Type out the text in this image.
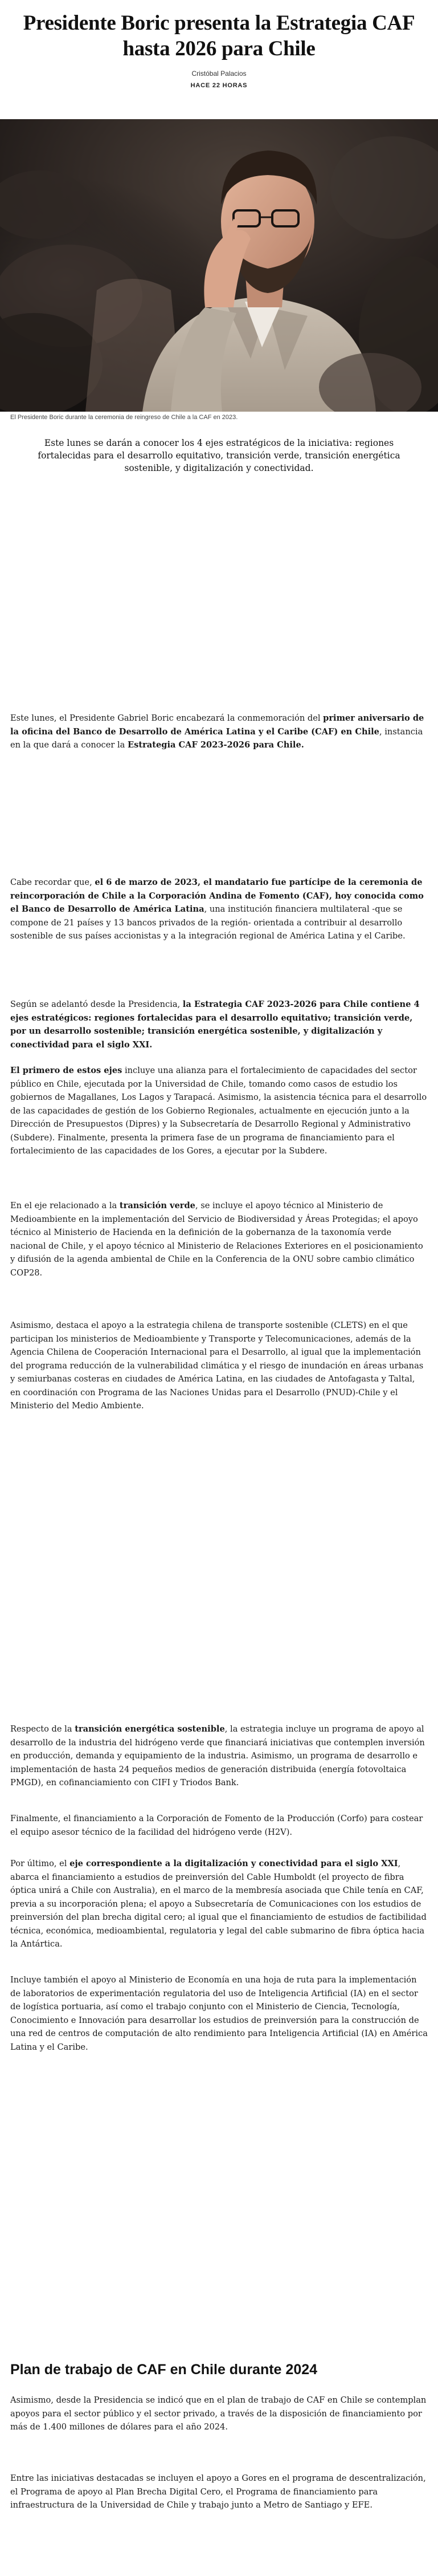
Presidente Boric presenta la Estrategia CAF hasta 2026 para Chile
Cristóbal Palacios
HACE 22 HORAS
El Presidente Boric durante la ceremonia de reingreso de Chile a la CAF en 2023.

Este lunes se darán a conocer los 4 ejes estratégicos de la iniciativa: regiones fortalecidas para el desarrollo equitativo, transición verde, transición energética sostenible, y digitalización y conectividad.

Este lunes, el Presidente Gabriel Boric encabezará la conmemoración del primer aniversario de la oficina del Banco de Desarrollo de América Latina y el Caribe (CAF) en Chile, instancia en la que dará a conocer la Estrategia CAF 2023-2026 para Chile.

Cabe recordar que, el 6 de marzo de 2023, el mandatario fue partícipe de la ceremonia de reincorporación de Chile a la Corporación Andina de Fomento (CAF), hoy conocida como el Banco de Desarrollo de América Latina, una institución financiera multilateral -que se compone de 21 países y 13 bancos privados de la región- orientada a contribuir al desarrollo sostenible de sus países accionistas y a la integración regional de América Latina y el Caribe.

Según se adelantó desde la Presidencia, la Estrategia CAF 2023-2026 para Chile contiene 4 ejes estratégicos: regiones fortalecidas para el desarrollo equitativo; transición verde, por un desarrollo sostenible; transición energética sostenible, y digitalización y conectividad para el siglo XXI.

El primero de estos ejes incluye una alianza para el fortalecimiento de capacidades del sector público en Chile, ejecutada por la Universidad de Chile, tomando como casos de estudio los gobiernos de Magallanes, Los Lagos y Tarapacá. Asimismo, la asistencia técnica para el desarrollo de las capacidades de gestión de los Gobierno Regionales, actualmente en ejecución junto a la Dirección de Presupuestos (Dipres) y la Subsecretaría de Desarrollo Regional y Administrativo (Subdere). Finalmente, presenta la primera fase de un programa de financiamiento para el fortalecimiento de las capacidades de los Gores, a ejecutar por la Subdere.

En el eje relacionado a la transición verde, se incluye el apoyo técnico al Ministerio de Medioambiente en la implementación del Servicio de Biodiversidad y Áreas Protegidas; el apoyo técnico al Ministerio de Hacienda en la definición de la gobernanza de la taxonomía verde nacional de Chile, y el apoyo técnico al Ministerio de Relaciones Exteriores en el posicionamiento y difusión de la agenda ambiental de Chile en la Conferencia de la ONU sobre cambio climático COP28.

Asimismo, destaca el apoyo a la estrategia chilena de transporte sostenible (CLETS) en el que participan los ministerios de Medioambiente y Transporte y Telecomunicaciones, además de la Agencia Chilena de Cooperación Internacional para el Desarrollo, al igual que la implementación del programa reducción de la vulnerabilidad climática y el riesgo de inundación en áreas urbanas y semiurbanas costeras en ciudades de América Latina, en las ciudades de Antofagasta y Taltal, en coordinación con Programa de las Naciones Unidas para el Desarrollo (PNUD)-Chile y el Ministerio del Medio Ambiente.

Respecto de la transición energética sostenible, la estrategia incluye un programa de apoyo al desarrollo de la industria del hidrógeno verde que financiará iniciativas que contemplen inversión en producción, demanda y equipamiento de la industria. Asimismo, un programa de desarrollo e implementación de hasta 24 pequeños medios de generación distribuida (energía fotovoltaica PMGD), en cofinanciamiento con CIFI y Triodos Bank.

Finalmente, el financiamiento a la Corporación de Fomento de la Producción (Corfo) para costear el equipo asesor técnico de la facilidad del hidrógeno verde (H2V).

Por último, el eje correspondiente a la digitalización y conectividad para el siglo XXI, abarca el financiamiento a estudios de preinversión del Cable Humboldt (el proyecto de fibra óptica unirá a Chile con Australia), en el marco de la membresía asociada que Chile tenía en CAF, previa a su incorporación plena; el apoyo a Subsecretaría de Comunicaciones con los estudios de preinversión del plan brecha digital cero; al igual que el financiamiento de estudios de factibilidad técnica, económica, medioambiental, regulatoria y legal del cable submarino de fibra óptica hacia la Antártica.

Incluye también el apoyo al Ministerio de Economía en una hoja de ruta para la implementación de laboratorios de experimentación regulatoria del uso de Inteligencia Artificial (IA) en el sector de logística portuaria, así como el trabajo conjunto con el Ministerio de Ciencia, Tecnología, Conocimiento e Innovación para desarrollar los estudios de preinversión para la construcción de una red de centros de computación de alto rendimiento para Inteligencia Artificial (IA) en América Latina y el Caribe.

Plan de trabajo de CAF en Chile durante 2024

Asimismo, desde la Presidencia se indicó que en el plan de trabajo de CAF en Chile se contemplan apoyos para el sector público y el sector privado, a través de la disposición de financiamiento por más de 1.400 millones de dólares para el año 2024.

Entre las iniciativas destacadas se incluyen el apoyo a Gores en el programa de descentralización, el Programa de apoyo al Plan Brecha Digital Cero, el Programa de financiamiento para infraestructura de la Universidad de Chile y trabajo junto a Metro de Santiago y EFE.
